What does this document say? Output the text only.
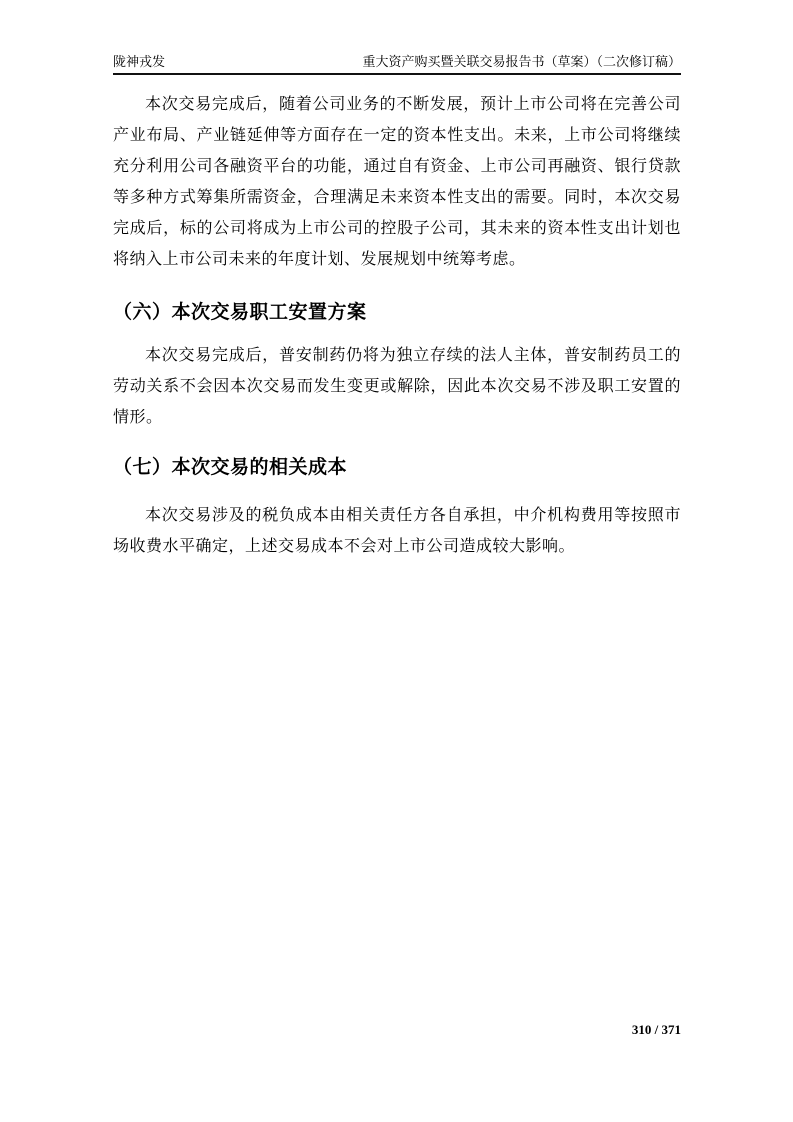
陇神戎发	重大资产购买暨关联交易报告书（草案）（二次修订稿）

本次交易完成后，随着公司业务的不断发展，预计上市公司将在完善公司产业布局、产业链延伸等方面存在一定的资本性支出。未来，上市公司将继续充分利用公司各融资平台的功能，通过自有资金、上市公司再融资、银行贷款等多种方式筹集所需资金，合理满足未来资本性支出的需要。同时，本次交易完成后，标的公司将成为上市公司的控股子公司，其未来的资本性支出计划也将纳入上市公司未来的年度计划、发展规划中统筹考虑。

（六）本次交易职工安置方案

本次交易完成后，普安制药仍将为独立存续的法人主体，普安制药员工的劳动关系不会因本次交易而发生变更或解除，因此本次交易不涉及职工安置的情形。

（七）本次交易的相关成本

本次交易涉及的税负成本由相关责任方各自承担，中介机构费用等按照市场收费水平确定，上述交易成本不会对上市公司造成较大影响。

310 / 371
